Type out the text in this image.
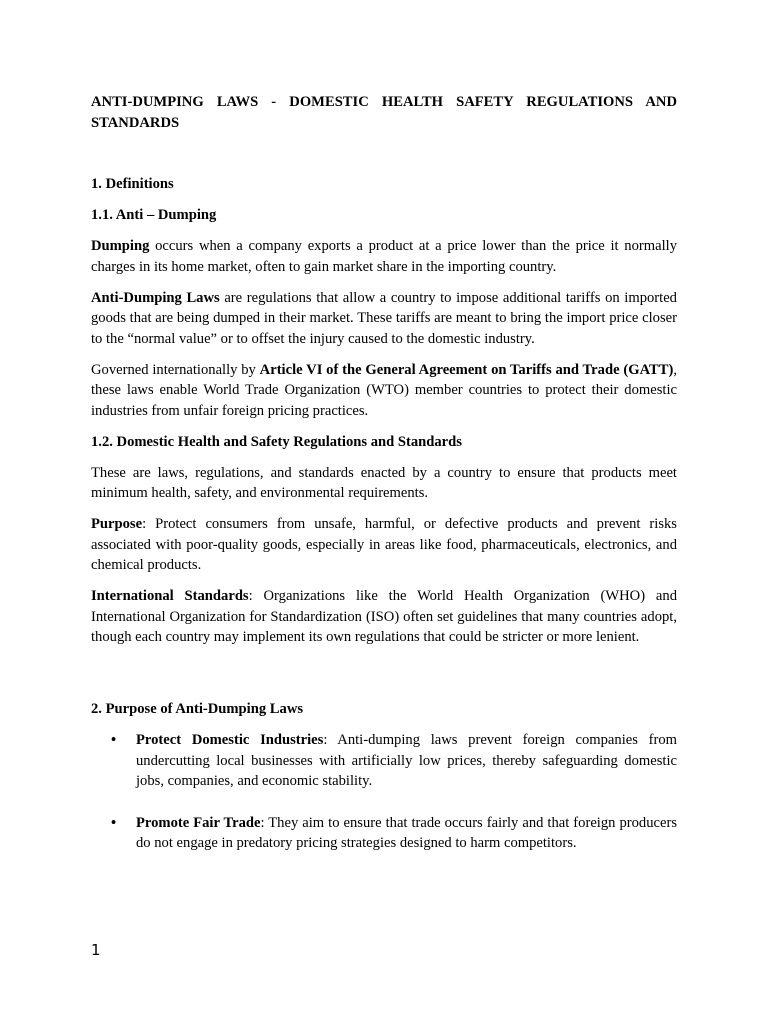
ANTI-DUMPING LAWS - DOMESTIC HEALTH SAFETY REGULATIONS AND STANDARDS

1. Definitions
1.1. Anti – Dumping

Dumping occurs when a company exports a product at a price lower than the price it normally charges in its home market, often to gain market share in the importing country.

Anti-Dumping Laws are regulations that allow a country to impose additional tariffs on imported goods that are being dumped in their market. These tariffs are meant to bring the import price closer to the “normal value” or to offset the injury caused to the domestic industry.

Governed internationally by Article VI of the General Agreement on Tariffs and Trade (GATT), these laws enable World Trade Organization (WTO) member countries to protect their domestic industries from unfair foreign pricing practices.

1.2. Domestic Health and Safety Regulations and Standards

These are laws, regulations, and standards enacted by a country to ensure that products meet minimum health, safety, and environmental requirements.

Purpose: Protect consumers from unsafe, harmful, or defective products and prevent risks associated with poor-quality goods, especially in areas like food, pharmaceuticals, electronics, and chemical products.

International Standards: Organizations like the World Health Organization (WHO) and International Organization for Standardization (ISO) often set guidelines that many countries adopt, though each country may implement its own regulations that could be stricter or more lenient.

2. Purpose of Anti-Dumping Laws
• Protect Domestic Industries: Anti-dumping laws prevent foreign companies from undercutting local businesses with artificially low prices, thereby safeguarding domestic jobs, companies, and economic stability.
• Promote Fair Trade: They aim to ensure that trade occurs fairly and that foreign producers do not engage in predatory pricing strategies designed to harm competitors.
1
